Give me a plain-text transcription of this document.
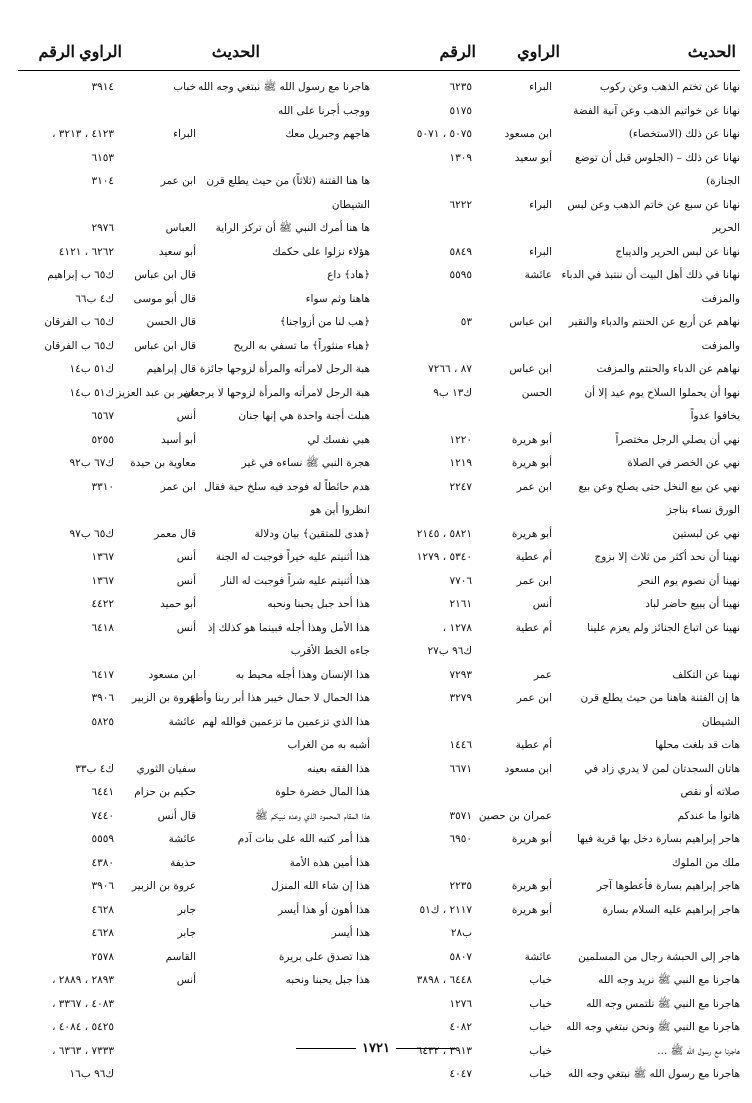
الحديث
الراوي
الرقم
نهانا عن تختم الذهب وعن ركوب
البراء
٦٢٣٥
نهانا عن خواتيم الذهب وعن آنية الفضة
٥١٧٥
نهانا عن ذلك (الاستخصاء)
ابن مسعود
٥٠٧٥ ، ٥٠٧١
نهانا عن ذلك – (الجلوس قبل أن توضع
أبو سعيد
١٣٠٩
الجنازة)
نهانا عن سبع عن خاتم الذهب وعن لبس
البراء
٦٢٢٢
الحرير
نهانا عن لبس الحرير والديباج
البراء
٥٨٤٩
نهانا في ذلك أهل البيت أن ننتبذ في الدباء
عائشة
٥٥٩٥
والمزفت
نهاهم عن أربع عن الحنتم والدباء والنقير
ابن عباس
٥٣
والمزفت
نهاهم عن الدباء والحنتم والمزفت
ابن عباس
٨٧ ، ٧٢٦٦
نهوا أن يحملوا السلاح يوم عيد إلا أن
الحسن
ك١٣ ب٩
يخافوا عدواً
نهي أن يصلي الرجل مختصراً
أبو هريرة
١٢٢٠
نهي عن الخصر في الصلاة
أبو هريرة
١٢١٩
نهي عن بيع النخل حتى يصلح وعن بيع
ابن عمر
٢٢٤٧
الورق نساء بناجز
نهي عن لبستين
أبو هريرة
٥٨٢١ ، ٢١٤٥
نهينا أن نحد أكثر من ثلاث إلا بزوج
أم عطية
٥٣٤٠ ، ١٢٧٩
نهينا أن نصوم يوم النحر
ابن عمر
٧٧٠٦
نهينا أن يبيع حاضر لباد
أنس
٢١٦١
نهينا عن اتباع الجنائز ولم يعزم علينا
أم عطية
١٢٧٨ ،
ك٩٦ ب٢٧
نهينا عن التكلف
عمر
٧٢٩٣
ها إن الفتنة هاهنا من حيث يطلع قرن
ابن عمر
٣٢٧٩
الشيطان
هات قد بلغت محلها
أم عطية
١٤٤٦
هاتان السجدتان لمن لا يدري زاد في
ابن مسعود
٦٦٧١
صلاته أو نقص
هاتوا ما عندكم
عمران بن حصين
٣٥٧١
هاجر إبراهيم بسارة دخل بها قرية فيها
أبو هريرة
٦٩٥٠
ملك من الملوك
هاجر إبراهيم بسارة فأعطوها آجر
أبو هريرة
٢٢٣٥
هاجر إبراهيم عليه السلام بسارة
أبو هريرة
٢١١٧ ، ك٥١
ب٢٨
هاجر إلى الحبشة رجال من المسلمين
عائشة
٥٨٠٧
هاجرنا مع النبي ﷺ نريد وجه الله
خباب
٦٤٤٨ ، ٣٨٩٨
هاجرنا مع النبي ﷺ نلتمس وجه الله
خباب
١٢٧٦
هاجرنا مع النبي ﷺ ونحن نبتغي وجه الله
خباب
٤٠٨٢
هاجرنا مع رسول الله ﷺ ...
خباب
٣٩١٣ ، ٦٤٣٢
هاجرنا مع رسول الله ﷺ نبتغي وجه الله
خباب
٤٠٤٧
الحديث
الراوي
الرقم
هاجرنا مع رسول الله ﷺ نبتغي وجه الله
خباب
٣٩١٤
ووجب أجرنا على الله
هاجهم وجبريل معك
البراء
٤١٢٣ ، ٣٢١٣ ،
٦١٥٣
ها هنا الفتنة (ثلاثاً) من حيث يطلع قرن
ابن عمر
٣١٠٤
الشيطان
ها هنا أمرك النبي ﷺ أن تركز الراية
العباس
٢٩٧٦
هؤلاء نزلوا على حكمك
أبو سعيد
٦٢٦٢ ، ٤١٢١
﴿هاد﴾ داع
قال ابن عباس
ك٦٥ ب إبراهيم
هاهنا وثم سواء
قال أبو موسى
ك٤ ب٦٦
﴿هب لنا من أزواجنا﴾
قال الحسن
ك٦٥ ب الفرقان
﴿هباء منثوراً﴾ ما تسفي به الريح
قال ابن عباس
ك٦٥ ب الفرقان
هبة الرجل لامرأته والمرأة لزوجها جائزة
قال إبراهيم
ك٥١ ب١٤
هبة الرجل لامرأته والمرأة لزوجها لا يرجعان
عمر بن عبد العزيز
ك٥١ ب١٤
هبلت أجنة واحدة هي إنها جنان
أنس
٦٥٦٧
هبي نفسك لي
أبو أسيد
٥٢٥٥
هجرة النبي ﷺ نساءه في غير
معاوية بن حيدة
ك٦٧ ب٩٢
هدم حائطاً له فوجد فيه سلخ حية فقال
ابن عمر
٣٣١٠
انظروا أين هو
﴿هدى للمتقين﴾ بيان ودلالة
قال معمر
ك٦٥ ب٩٧
هذا أثنيتم عليه خيراً فوجبت له الجنة
أنس
١٣٦٧
هذا أثنيتم عليه شراً فوجبت له النار
أنس
١٣٦٧
هذا أحد جبل يحبنا ونحبه
أبو حميد
٤٤٢٢
هذا الأمل وهذا أجله فبينما هو كذلك إذ
أنس
٦٤١٨
جاءه الخط الأقرب
هذا الإنسان وهذا أجله محيط به
ابن مسعود
٦٤١٧
هذا الحمال لا حمال خيبر هذا أبر ربنا وأطهر
عروة بن الزبير
٣٩٠٦
هذا الذي تزعمين ما تزعمين فوالله لهم
عائشة
٥٨٢٥
أشبه به من الغراب
هذا الفقه بعينه
سفيان الثوري
ك٤ ب٣٣
هذا المال خضرة حلوة
حكيم بن حزام
٦٤٤١
هذا المقام المحمود الذي وعده نبيكم ﷺ
قال أنس
٧٤٤٠
هذا أمر كتبه الله على بنات آدم
عائشة
٥٥٥٩
هذا أمين هذه الأمة
حذيفة
٤٣٨٠
هذا إن شاء الله المنزل
عروة بن الزبير
٣٩٠٦
هذا أهون أو هذا أيسر
جابر
٤٦٢٨
هذا أيسر
جابر
٤٦٢٨
هذا تصدق على بريرة
القاسم
٢٥٧٨
هذا جبل يحبنا ونحبه
أنس
٢٨٩٣ ، ٢٨٨٩ ،
٤٠٨٣ ، ٣٣٦٧ ،
٥٤٢٥ ، ٤٠٨٤ ،
٧٣٣٣ ، ٦٣٦٣ ،
ك٩٦ ب١٦
١٧٢١
